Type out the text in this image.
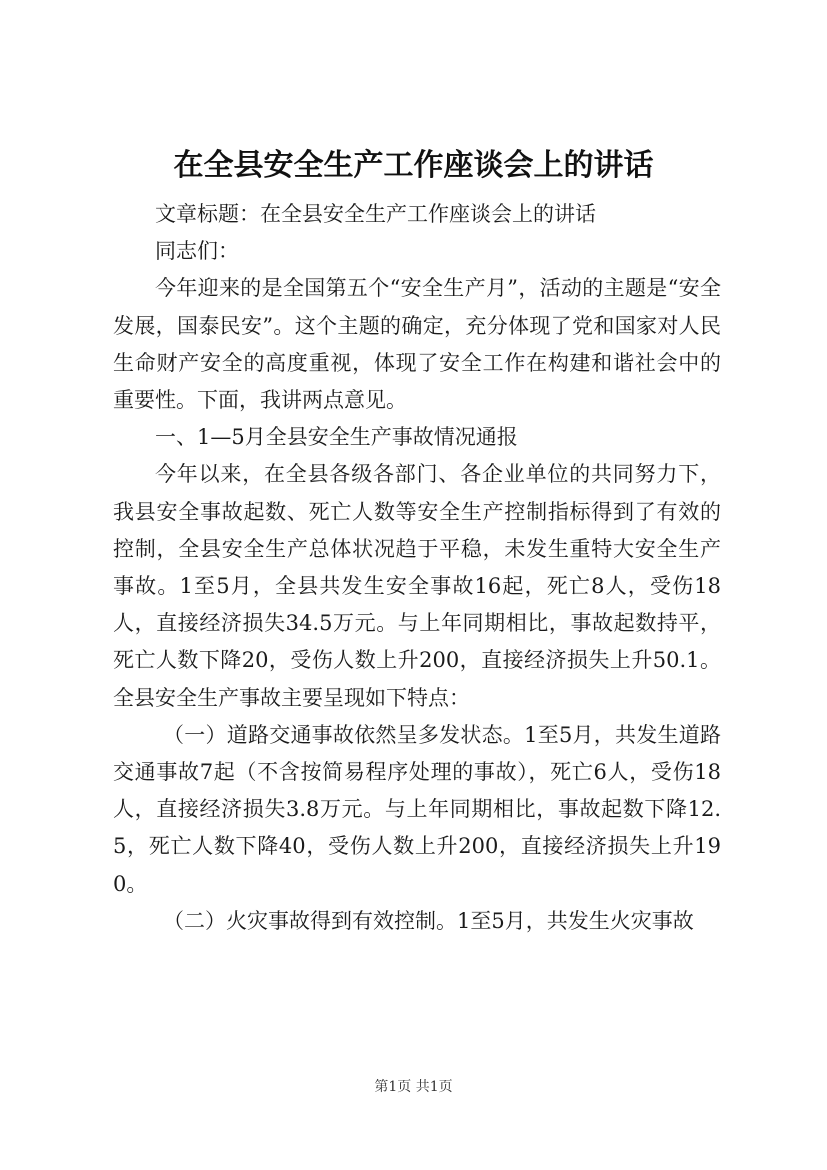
在全县安全生产工作座谈会上的讲话

文章标题：在全县安全生产工作座谈会上的讲话

同志们：

今年迎来的是全国第五个“安全生产月”，活动的主题是“安全发展，国泰民安”。这个主题的确定，充分体现了党和国家对人民生命财产安全的高度重视，体现了安全工作在构建和谐社会中的重要性。下面，我讲两点意见。

一、1—5月全县安全生产事故情况通报

今年以来，在全县各级各部门、各企业单位的共同努力下，我县安全事故起数、死亡人数等安全生产控制指标得到了有效的控制，全县安全生产总体状况趋于平稳，未发生重特大安全生产事故。1至5月，全县共发生安全事故16起，死亡8人，受伤18人，直接经济损失34.5万元。与上年同期相比，事故起数持平，死亡人数下降20，受伤人数上升200，直接经济损失上升50.1。全县安全生产事故主要呈现如下特点：

（一）道路交通事故依然呈多发状态。1至5月，共发生道路交通事故7起（不含按简易程序处理的事故），死亡6人，受伤18人，直接经济损失3.8万元。与上年同期相比，事故起数下降12.5，死亡人数下降40，受伤人数上升200，直接经济损失上升190。

（二）火灾事故得到有效控制。1至5月，共发生火灾事故

第1页 共1页
